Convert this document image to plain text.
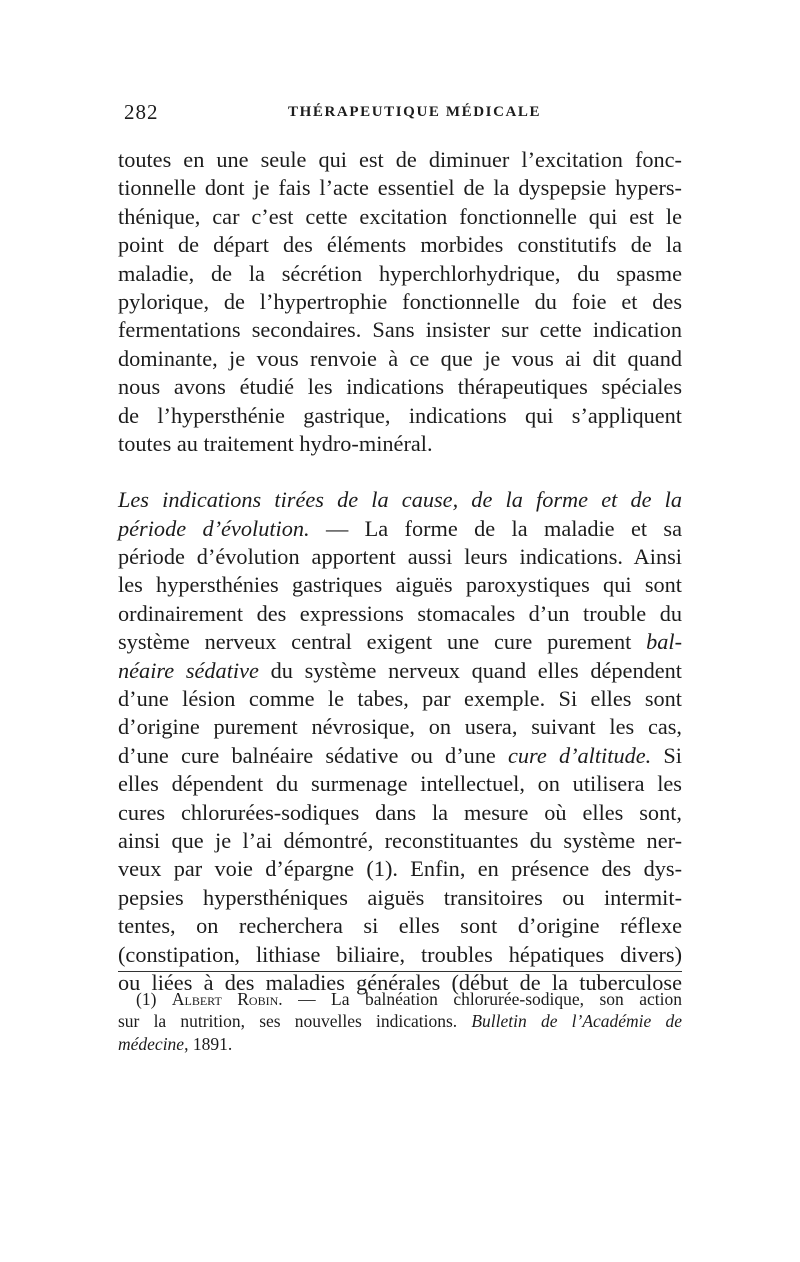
282	THÉRAPEUTIQUE MÉDICALE
toutes en une seule qui est de diminuer l’excitation fonc-
tionnelle dont je fais l’acte essentiel de la dyspepsie hypers-
thénique, car c’est cette excitation fonctionnelle qui est le
point de départ des éléments morbides constitutifs de la
maladie, de la sécrétion hyperchlorhydrique, du spasme
pylorique, de l’hypertrophie fonctionnelle du foie et des
fermentations secondaires. Sans insister sur cette indication
dominante, je vous renvoie à ce que je vous ai dit quand
nous avons étudié les indications thérapeutiques spéciales
de l’hypersthénie gastrique, indications qui s’appliquent
toutes au traitement hydro-minéral.
Les indications tirées de la cause, de la forme et de la
période d’évolution. — La forme de la maladie et sa
période d’évolution apportent aussi leurs indications. Ainsi
les hypersthénies gastriques aiguës paroxystiques qui sont
ordinairement des expressions stomacales d’un trouble du
système nerveux central exigent une cure purement bal-
néaire sédative du système nerveux quand elles dépendent
d’une lésion comme le tabes, par exemple. Si elles sont
d’origine purement névrosique, on usera, suivant les cas,
d’une cure balnéaire sédative ou d’une cure d’altitude. Si
elles dépendent du surmenage intellectuel, on utilisera les
cures chlorurées-sodiques dans la mesure où elles sont,
ainsi que je l’ai démontré, reconstituantes du système ner-
veux par voie d’épargne (1). Enfin, en présence des dys-
pepsies hypersthéniques aiguës transitoires ou intermit-
tentes, on recherchera si elles sont d’origine réflexe
(constipation, lithiase biliaire, troubles hépatiques divers)
ou liées à des maladies générales (début de la tuberculose
(1) Albert Robin. — La balnéation chlorurée-sodique, son action
sur la nutrition, ses nouvelles indications. Bulletin de l’Académie de
médecine, 1891.
